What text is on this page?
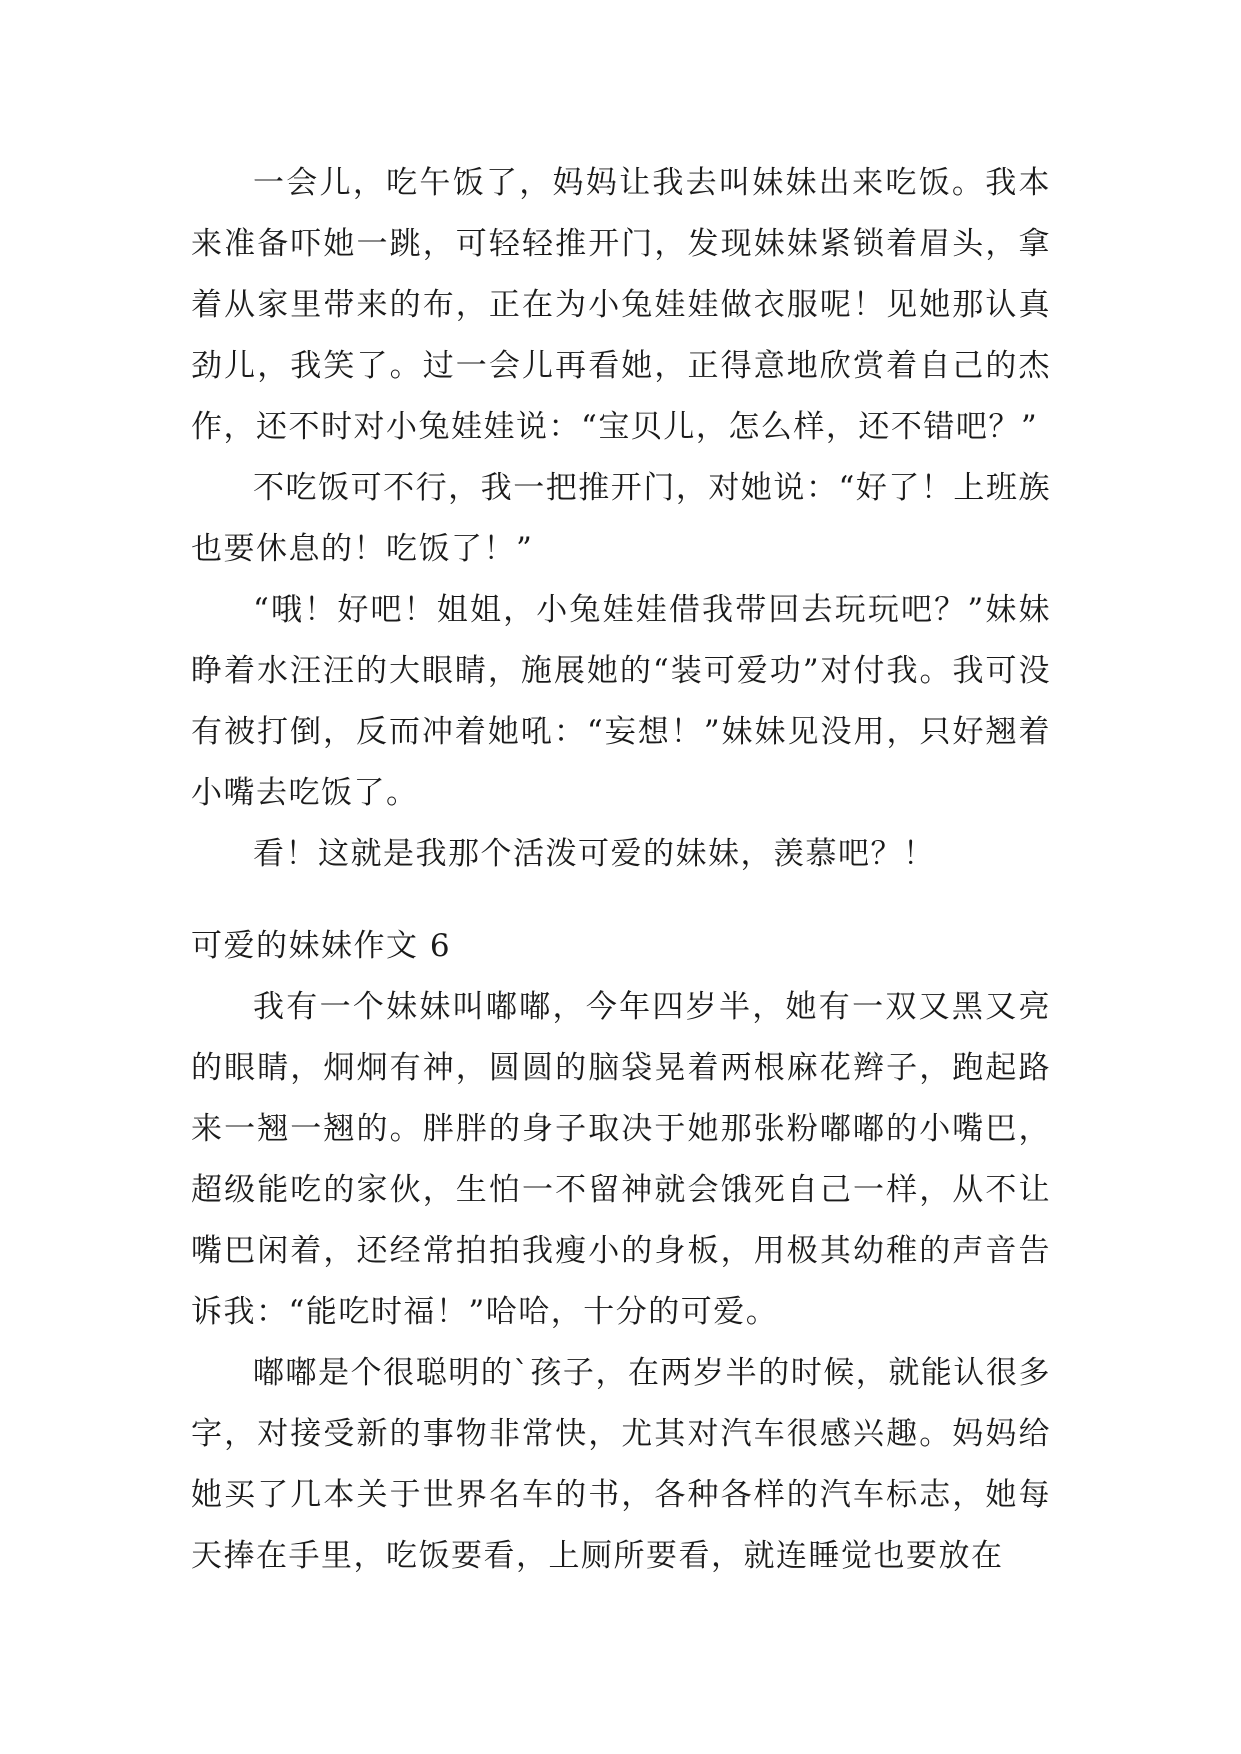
一会儿，吃午饭了，妈妈让我去叫妹妹出来吃饭。我本来准备吓她一跳，可轻轻推开门，发现妹妹紧锁着眉头，拿着从家里带来的布，正在为小兔娃娃做衣服呢！见她那认真劲儿，我笑了。过一会儿再看她，正得意地欣赏着自己的杰作，还不时对小兔娃娃说：“宝贝儿，怎么样，还不错吧？”

不吃饭可不行，我一把推开门，对她说：“好了！上班族也要休息的！吃饭了！”

“哦！好吧！姐姐，小兔娃娃借我带回去玩玩吧？”妹妹睁着水汪汪的大眼睛，施展她的“装可爱功”对付我。我可没有被打倒，反而冲着她吼：“妄想！”妹妹见没用，只好翘着小嘴去吃饭了。

看！这就是我那个活泼可爱的妹妹，羡慕吧？！

可爱的妹妹作文 6

我有一个妹妹叫嘟嘟，今年四岁半，她有一双又黑又亮的眼睛，炯炯有神，圆圆的脑袋晃着两根麻花辫子，跑起路来一翘一翘的。胖胖的身子取决于她那张粉嘟嘟的小嘴巴，超级能吃的家伙，生怕一不留神就会饿死自己一样，从不让嘴巴闲着，还经常拍拍我瘦小的身板，用极其幼稚的声音告诉我：“能吃时福！”哈哈，十分的可爱。

嘟嘟是个很聪明的`孩子，在两岁半的时候，就能认很多字，对接受新的事物非常快，尤其对汽车很感兴趣。妈妈给她买了几本关于世界名车的书，各种各样的汽车标志，她每天捧在手里，吃饭要看，上厕所要看，就连睡觉也要放在
